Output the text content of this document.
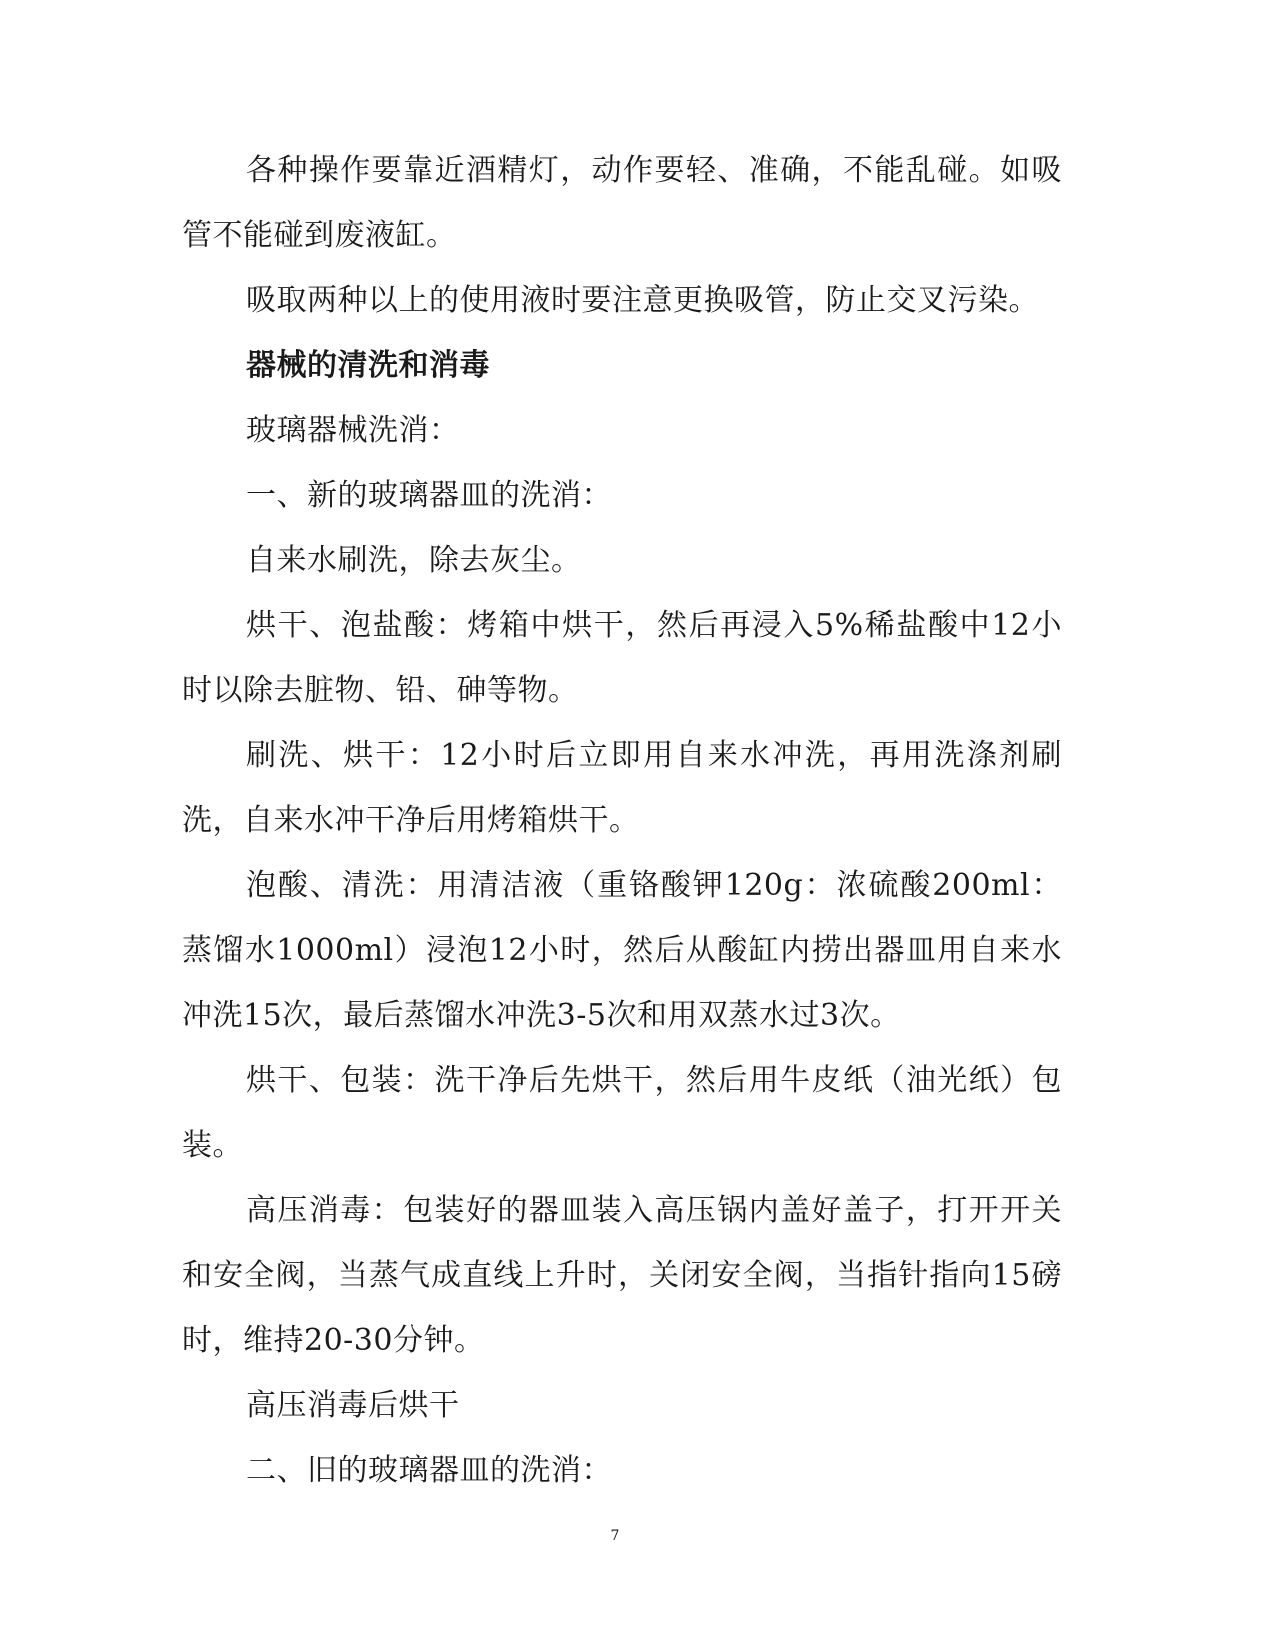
各种操作要靠近酒精灯，动作要轻、准确，不能乱碰。如吸管不能碰到废液缸。

吸取两种以上的使用液时要注意更换吸管，防止交叉污染。

器械的清洗和消毒

玻璃器械洗消：

一、新的玻璃器皿的洗消：

自来水刷洗，除去灰尘。

烘干、泡盐酸：烤箱中烘干，然后再浸入5%稀盐酸中12小时以除去脏物、铅、砷等物。

刷洗、烘干：12小时后立即用自来水冲洗，再用洗涤剂刷洗，自来水冲干净后用烤箱烘干。

泡酸、清洗：用清洁液（重铬酸钾120g：浓硫酸200ml：蒸馏水1000ml）浸泡12小时，然后从酸缸内捞出器皿用自来水冲洗15次，最后蒸馏水冲洗3-5次和用双蒸水过3次。

烘干、包装：洗干净后先烘干，然后用牛皮纸（油光纸）包装。

高压消毒：包装好的器皿装入高压锅内盖好盖子，打开开关和安全阀，当蒸气成直线上升时，关闭安全阀，当指针指向15磅时，维持20-30分钟。

高压消毒后烘干

二、旧的玻璃器皿的洗消：

7
